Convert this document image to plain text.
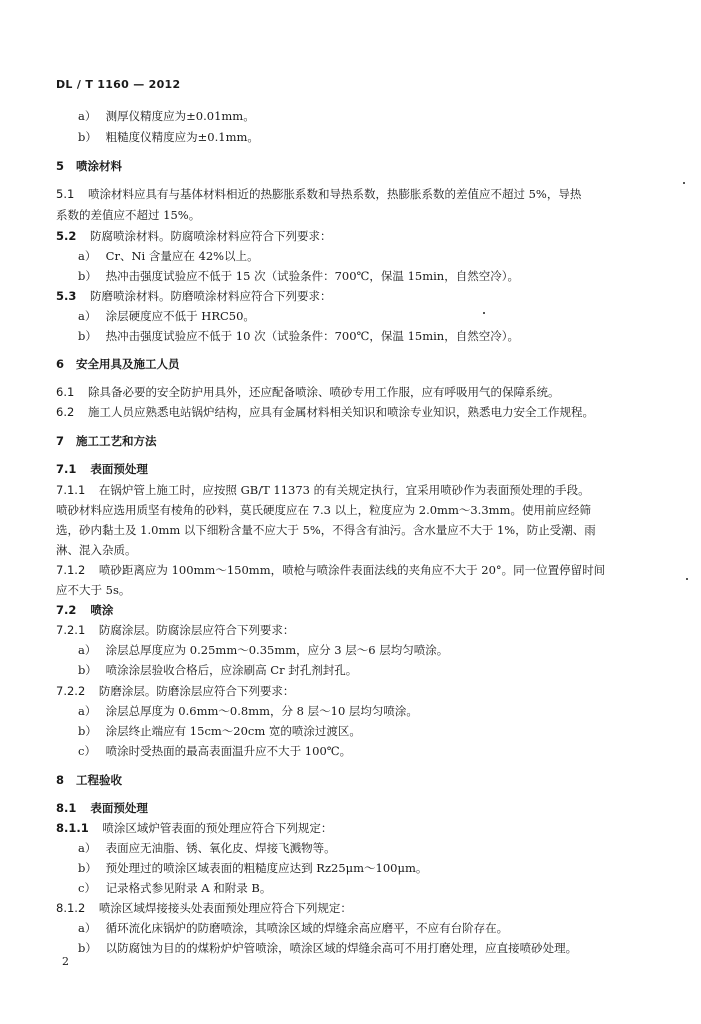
DL / T 1160 — 2012
a） 测厚仪精度应为±0.01mm。
b） 粗糙度仪精度应为±0.1mm。
5 喷涂材料
5.1 喷涂材料应具有与基体材料相近的热膨胀系数和导热系数，热膨胀系数的差值应不超过 5%，导热
系数的差值应不超过 15%。
5.2 防腐喷涂材料。防腐喷涂材料应符合下列要求：
a） Cr、Ni 含量应在 42%以上。
b） 热冲击强度试验应不低于 15 次（试验条件：700℃，保温 15min，自然空冷）。
5.3 防磨喷涂材料。防磨喷涂材料应符合下列要求：
a） 涂层硬度应不低于 HRC50。
b） 热冲击强度试验应不低于 10 次（试验条件：700℃，保温 15min，自然空冷）。
6 安全用具及施工人员
6.1 除具备必要的安全防护用具外，还应配备喷涂、喷砂专用工作服，应有呼吸用气的保障系统。
6.2 施工人员应熟悉电站锅炉结构，应具有金属材料相关知识和喷涂专业知识，熟悉电力安全工作规程。
7 施工工艺和方法
7.1 表面预处理
7.1.1 在锅炉管上施工时，应按照 GB/T 11373 的有关规定执行，宜采用喷砂作为表面预处理的手段。
喷砂材料应选用质坚有棱角的砂料，莫氏硬度应在 7.3 以上，粒度应为 2.0mm～3.3mm。使用前应经筛
选，砂内黏土及 1.0mm 以下细粉含量不应大于 5%，不得含有油污。含水量应不大于 1%，防止受潮、雨
淋、混入杂质。
7.1.2 喷砂距离应为 100mm～150mm，喷枪与喷涂件表面法线的夹角应不大于 20°。同一位置停留时间
应不大于 5s。
7.2 喷涂
7.2.1 防腐涂层。防腐涂层应符合下列要求：
a） 涂层总厚度应为 0.25mm～0.35mm，应分 3 层～6 层均匀喷涂。
b） 喷涂涂层验收合格后，应涂刷高 Cr 封孔剂封孔。
7.2.2 防磨涂层。防磨涂层应符合下列要求：
a） 涂层总厚度为 0.6mm～0.8mm，分 8 层～10 层均匀喷涂。
b） 涂层终止端应有 15cm～20cm 宽的喷涂过渡区。
c） 喷涂时受热面的最高表面温升应不大于 100℃。
8 工程验收
8.1 表面预处理
8.1.1 喷涂区域炉管表面的预处理应符合下列规定：
a） 表面应无油脂、锈、氧化皮、焊接飞溅物等。
b） 预处理过的喷涂区域表面的粗糙度应达到 Rz25μm～100μm。
c） 记录格式参见附录 A 和附录 B。
8.1.2 喷涂区域焊接接头处表面预处理应符合下列规定：
a） 循环流化床锅炉的防磨喷涂，其喷涂区域的焊缝余高应磨平，不应有台阶存在。
b） 以防腐蚀为目的的煤粉炉炉管喷涂，喷涂区域的焊缝余高可不用打磨处理，应直接喷砂处理。
2
